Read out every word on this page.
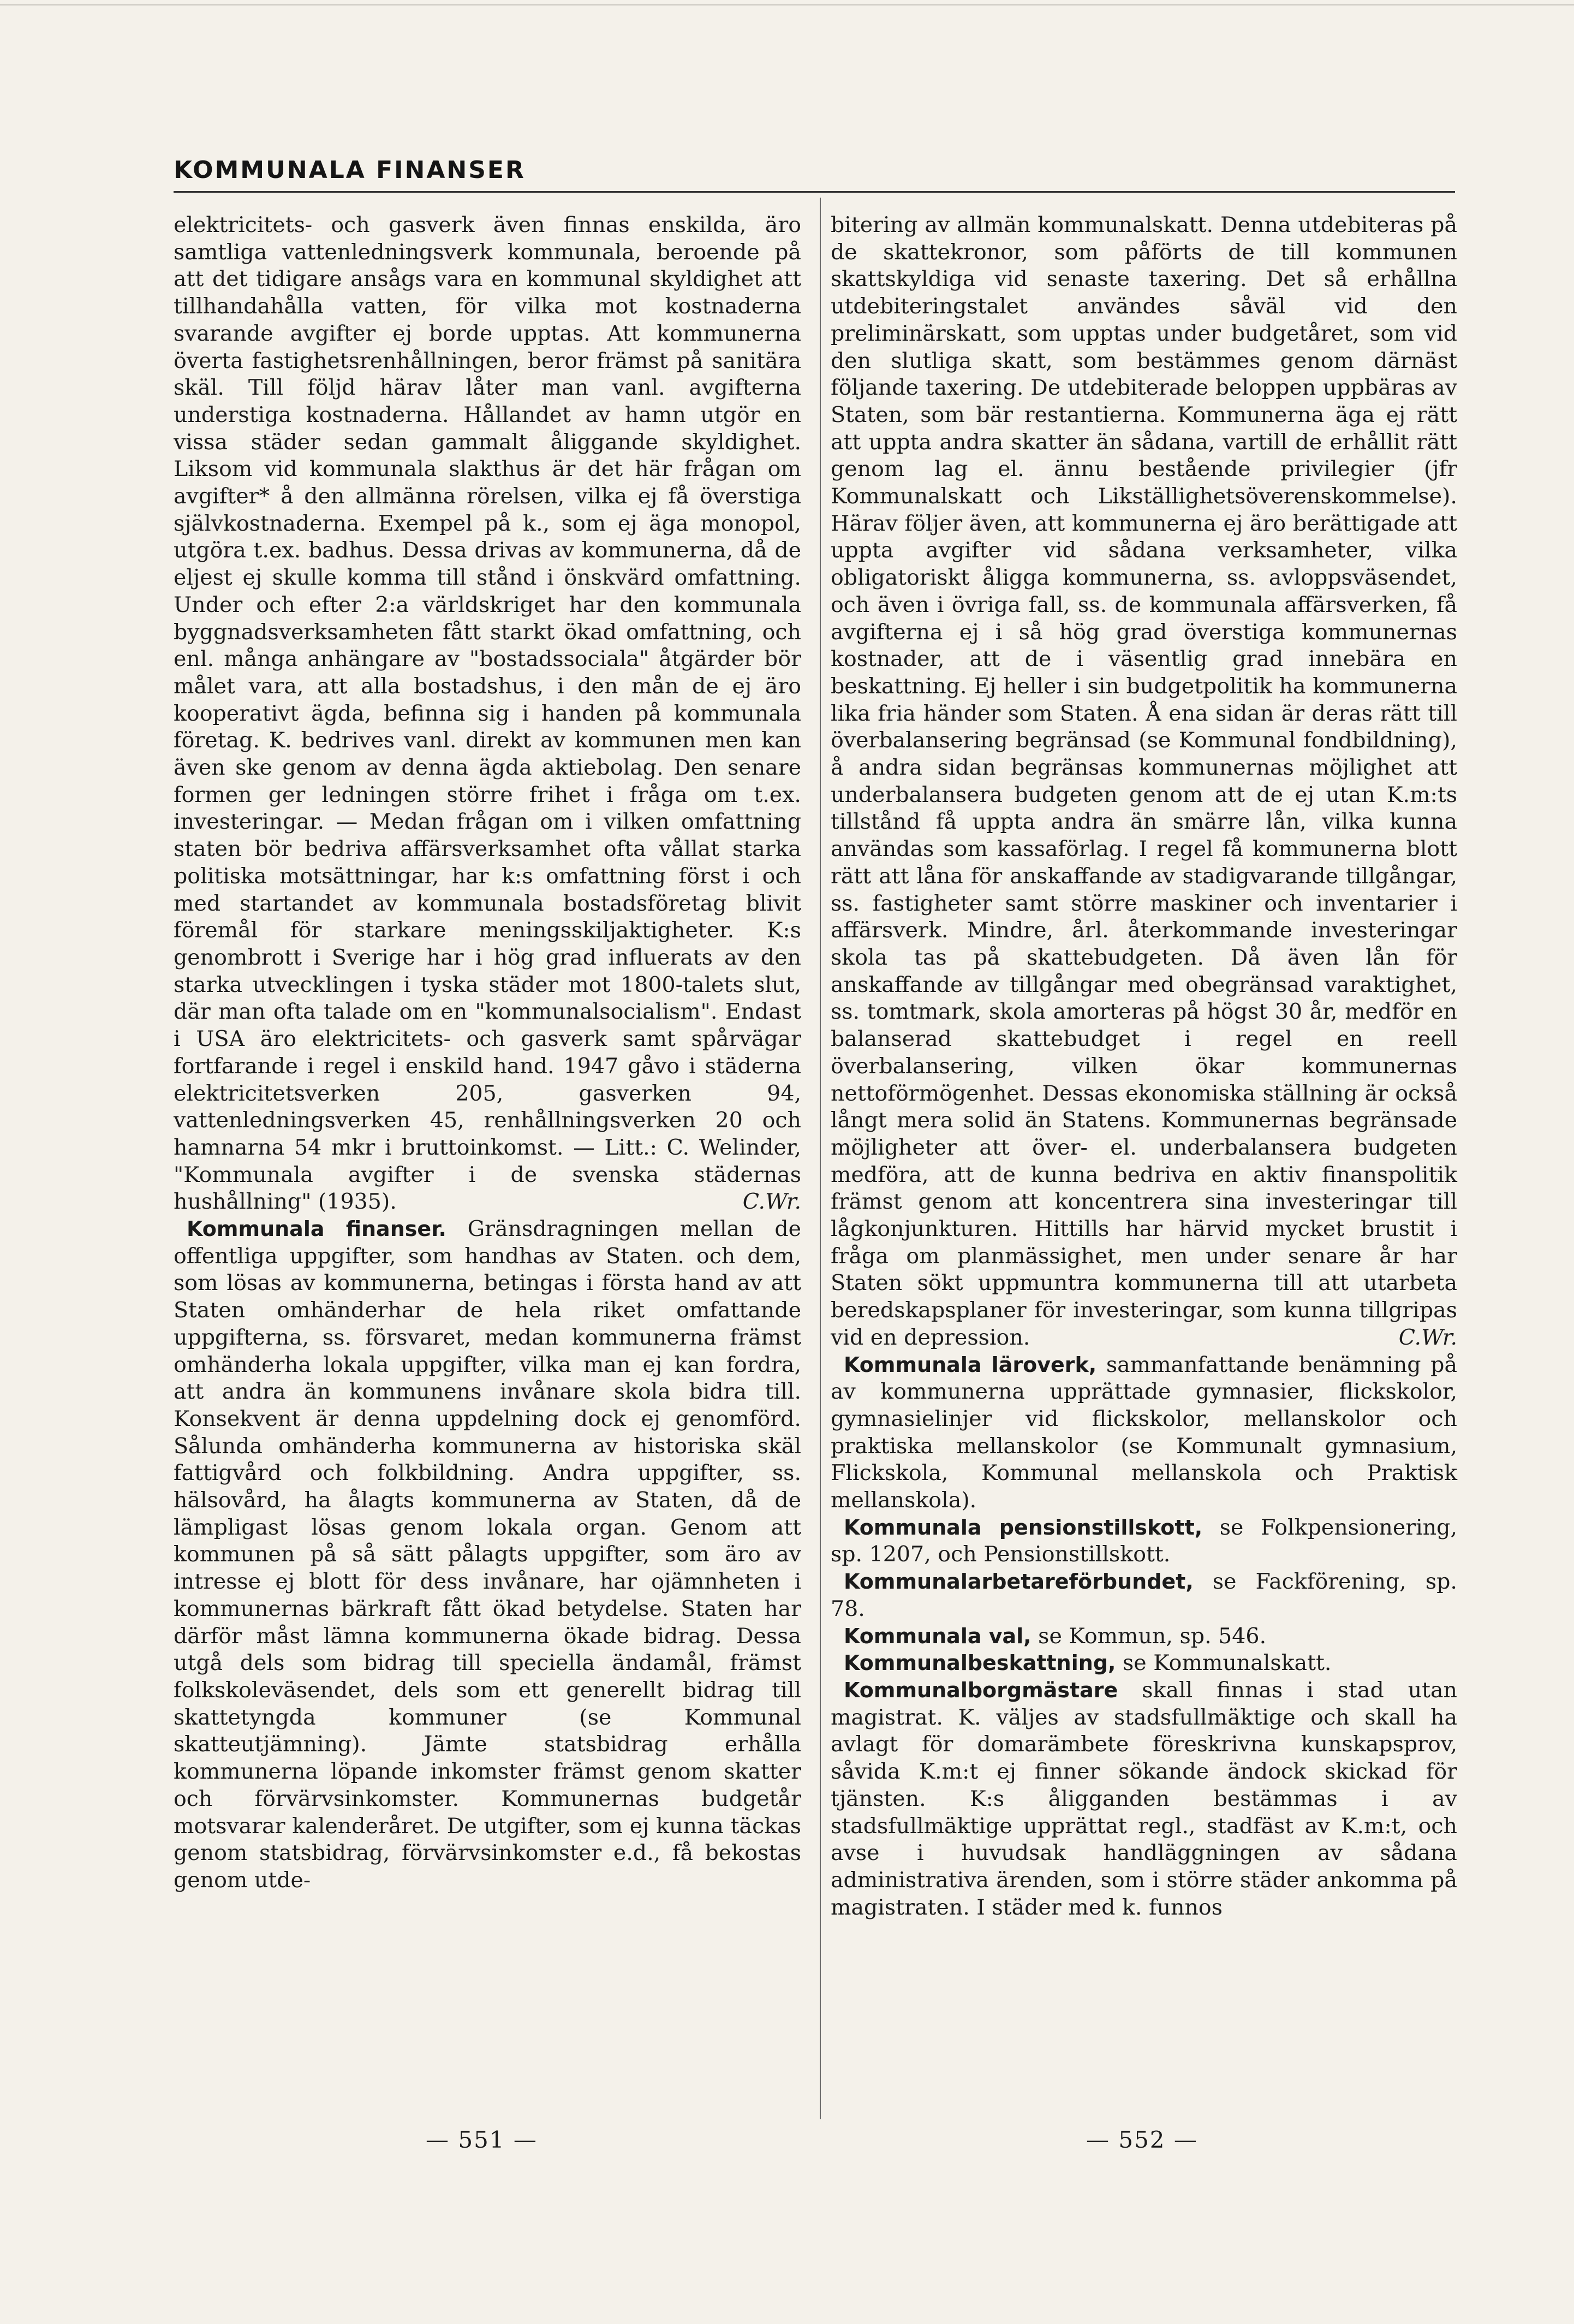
KOMMUNALA FINANSER

elektricitets- och gasverk även finnas enskilda, äro samtliga vattenledningsverk kommunala, beroende på att det tidigare ansågs vara en kommunal skyldighet att tillhandahålla vatten, för vilka mot kostnaderna svarande avgifter ej borde upptas. Att kommunerna överta fastighetsrenhållningen, beror främst på sanitära skäl. Till följd härav låter man vanl. avgifterna understiga kostnaderna. Hållandet av hamn utgör en vissa städer sedan gammalt åliggande skyldighet. Liksom vid kommunala slakthus är det här frågan om avgifter* å den allmänna rörelsen, vilka ej få överstiga självkostnaderna. Exempel på k., som ej äga monopol, utgöra t.ex. badhus. Dessa drivas av kommunerna, då de eljest ej skulle komma till stånd i önskvärd omfattning. Under och efter 2:a världskriget har den kommunala byggnadsverksamheten fått starkt ökad omfattning, och enl. många anhängare av "bostadssociala" åtgärder bör målet vara, att alla bostadshus, i den mån de ej äro kooperativt ägda, befinna sig i handen på kommunala företag. K. bedrives vanl. direkt av kommunen men kan även ske genom av denna ägda aktiebolag. Den senare formen ger ledningen större frihet i fråga om t.ex. investeringar. — Medan frågan om i vilken omfattning staten bör bedriva affärsverksamhet ofta vållat starka politiska motsättningar, har k:s omfattning först i och med startandet av kommunala bostadsföretag blivit föremål för starkare meningsskiljaktigheter. K:s genombrott i Sverige har i hög grad influerats av den starka utvecklingen i tyska städer mot 1800-talets slut, där man ofta talade om en "kommunalsocialism". Endast i USA äro elektricitets- och gasverk samt spårvägar fortfarande i regel i enskild hand. 1947 gåvo i städerna elektricitetsverken 205, gasverken 94, vattenledningsverken 45, renhållningsverken 20 och hamnarna 54 mkr i bruttoinkomst. — Litt.: C. Welinder, "Kommunala avgifter i de svenska städernas hushållning" (1935).	C.Wr.

Kommunala finanser. Gränsdragningen mellan de offentliga uppgifter, som handhas av Staten. och dem, som lösas av kommunerna, betingas i första hand av att Staten omhänderhar de hela riket omfattande uppgifterna, ss. försvaret, medan kommunerna främst omhänderha lokala uppgifter, vilka man ej kan fordra, att andra än kommunens invånare skola bidra till. Konsekvent är denna uppdelning dock ej genomförd. Sålunda omhänderha kommunerna av historiska skäl fattigvård och folkbildning. Andra uppgifter, ss. hälsovård, ha ålagts kommunerna av Staten, då de lämpligast lösas genom lokala organ. Genom att kommunen på så sätt pålagts uppgifter, som äro av intresse ej blott för dess invånare, har ojämnheten i kommunernas bärkraft fått ökad betydelse. Staten har därför måst lämna kommunerna ökade bidrag. Dessa utgå dels som bidrag till speciella ändamål, främst folkskoleväsendet, dels som ett generellt bidrag till skattetyngda kommuner (se Kommunal skatteutjämning). Jämte statsbidrag erhålla kommunerna löpande inkomster främst genom skatter och förvärvsinkomster. Kommunernas budgetår motsvarar kalenderåret. De utgifter, som ej kunna täckas genom statsbidrag, förvärvsinkomster e.d., få bekostas genom utde-

bitering av allmän kommunalskatt. Denna utdebiteras på de skattekronor, som påförts de till kommunen skattskyldiga vid senaste taxering. Det så erhållna utdebiteringstalet användes såväl vid den preliminärskatt, som upptas under budgetåret, som vid den slutliga skatt, som bestämmes genom därnäst följande taxering. De utdebiterade beloppen uppbäras av Staten, som bär restantierna. Kommunerna äga ej rätt att uppta andra skatter än sådana, vartill de erhållit rätt genom lag el. ännu bestående privilegier (jfr Kommunalskatt och Likställighetsöverenskommelse). Härav följer även, att kommunerna ej äro berättigade att uppta avgifter vid sådana verksamheter, vilka obligatoriskt åligga kommunerna, ss. avloppsväsendet, och även i övriga fall, ss. de kommunala affärsverken, få avgifterna ej i så hög grad överstiga kommunernas kostnader, att de i väsentlig grad innebära en beskattning. Ej heller i sin budgetpolitik ha kommunerna lika fria händer som Staten. Å ena sidan är deras rätt till överbalansering begränsad (se Kommunal fondbildning), å andra sidan begränsas kommunernas möjlighet att underbalansera budgeten genom att de ej utan K.m:ts tillstånd få uppta andra än smärre lån, vilka kunna användas som kassaförlag. I regel få kommunerna blott rätt att låna för anskaffande av stadigvarande tillgångar, ss. fastigheter samt större maskiner och inventarier i affärsverk. Mindre, årl. återkommande investeringar skola tas på skattebudgeten. Då även lån för anskaffande av tillgångar med obegränsad varaktighet, ss. tomtmark, skola amorteras på högst 30 år, medför en balanserad skattebudget i regel en reell överbalansering, vilken ökar kommunernas nettoförmögenhet. Dessas ekonomiska ställning är också långt mera solid än Statens. Kommunernas begränsade möjligheter att över- el. underbalansera budgeten medföra, att de kunna bedriva en aktiv finanspolitik främst genom att koncentrera sina investeringar till lågkonjunkturen. Hittills har härvid mycket brustit i fråga om planmässighet, men under senare år har Staten sökt uppmuntra kommunerna till att utarbeta beredskapsplaner för investeringar, som kunna tillgripas vid en depression.	C.Wr.

Kommunala läroverk, sammanfattande benämning på av kommunerna upprättade gymnasier, flickskolor, gymnasielinjer vid flickskolor, mellanskolor och praktiska mellanskolor (se Kommunalt gymnasium, Flickskola, Kommunal mellanskola och Praktisk mellanskola).

Kommunala pensionstillskott, se Folkpensionering, sp. 1207, och Pensionstillskott.

Kommunalarbetareförbundet, se Fackförening, sp. 78.

Kommunala val, se Kommun, sp. 546.

Kommunalbeskattning, se Kommunalskatt.

Kommunalborgmästare skall finnas i stad utan magistrat. K. väljes av stadsfullmäktige och skall ha avlagt för domarämbete föreskrivna kunskapsprov, såvida K.m:t ej finner sökande ändock skickad för tjänsten. K:s åligganden bestämmas i av stadsfullmäktige upprättat regl., stadfäst av K.m:t, och avse i huvudsak handläggningen av sådana administrativa ärenden, som i större städer ankomma på magistraten. I städer med k. funnos

— 551 —	— 552 —
